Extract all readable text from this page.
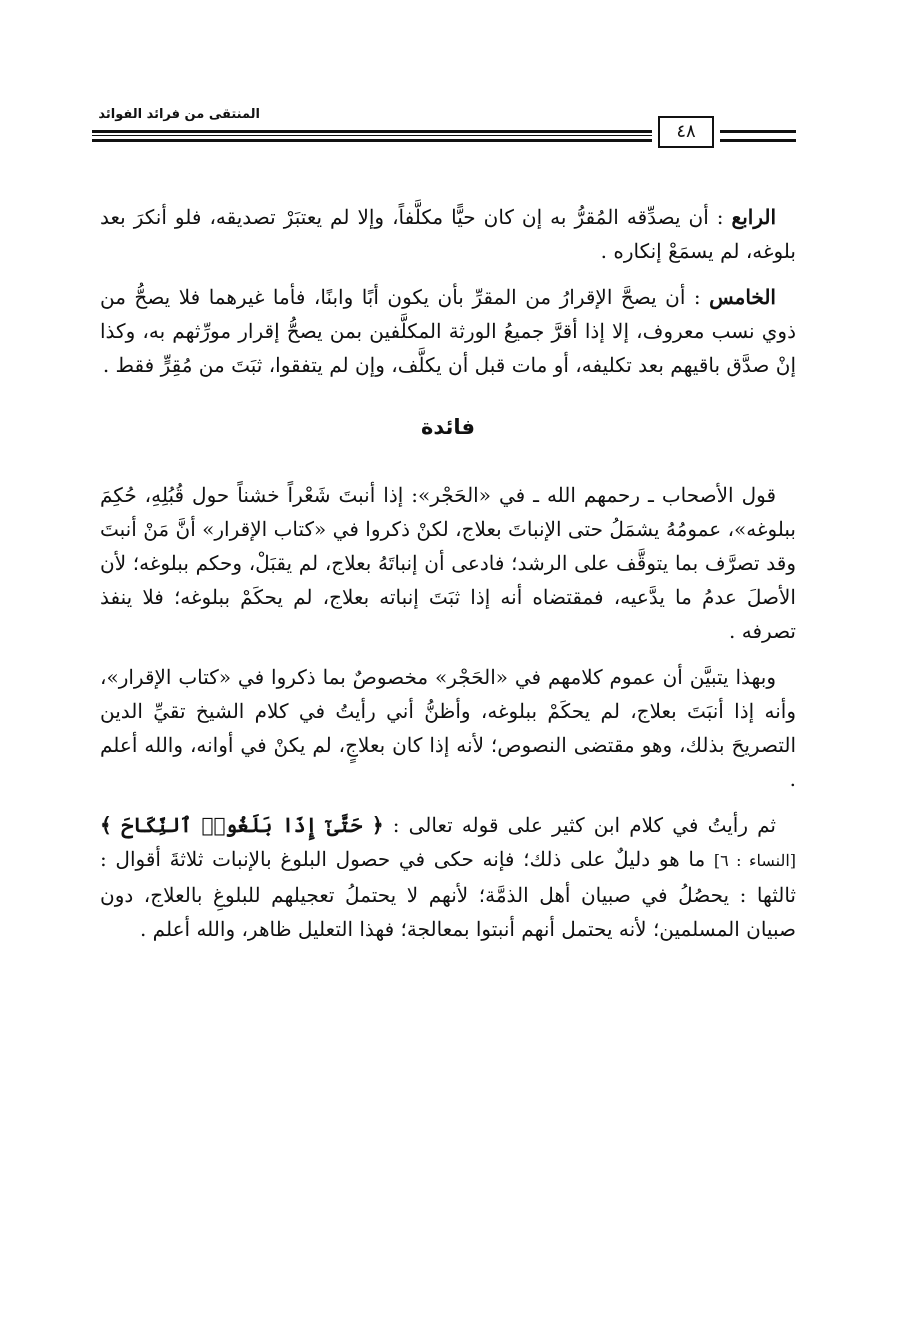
المنتقى من فرائد الفوائد
٤٨

الرابع : أن يصدِّقه المُقرُّ به إن كان حيًّا مكلَّفاً، وإلا لم يعتبَرْ تصديقه، فلو أنكرَ بعد بلوغه، لم يسمَعْ إنكاره .

الخامس : أن يصحَّ الإقرارُ من المقرِّ بأن يكون أبًا وابنًا، فأما غيرهما فلا يصحُّ من ذوي نسب معروف، إلا إذا أقرَّ جميعُ الورثة المكلَّفين بمن يصحُّ إقرار مورِّثهم به، وكذا إنْ صدَّق باقيهم بعد تكليفه، أو مات قبل أن يكلَّف، وإن لم يتفقوا، ثبَتَ من مُقِرٍّ فقط .

فائدة

قول الأصحاب ـ رحمهم الله ـ في «الحَجْر»: إذا أنبتَ شَعْراً خشناً حول قُبُلِهِ، حُكِمَ ببلوغه»، عمومُهُ يشمَلُ حتى الإنباتَ بعلاج، لكنْ ذكروا في «كتاب الإقرار» أنَّ مَنْ أنبتَ وقد تصرَّف بما يتوقَّف على الرشد؛ فادعى أن إنباتَهُ بعلاج، لم يقبَلْ، وحكم ببلوغه؛ لأن الأصلَ عدمُ ما يدَّعيه، فمقتضاه أنه إذا ثبَتَ إنباته بعلاج، لم يحكَمْ ببلوغه؛ فلا ينفذ تصرفه .

وبهذا يتبيَّن أن عموم كلامهم في «الحَجْر» مخصوصٌ بما ذكروا في «كتاب الإقرار»، وأنه إذا أنبَتَ بعلاج، لم يحكَمْ ببلوغه، وأظنُّ أني رأيتُ في كلام الشيخ تقيِّ الدين التصريحَ بذلك، وهو مقتضى النصوص؛ لأنه إذا كان بعلاجٍ، لم يكنْ في أوانه، والله أعلم .

ثم رأيتُ في كلام ابن كثير على قوله تعالى : ﴿ حَتَّىٰٓ إِذَا بَلَغُوا۟ ٱلنِّكَاحَ ﴾ [النساء : ٦] ما هو دليلٌ على ذلك؛ فإنه حكى في حصول البلوغ بالإنبات ثلاثةَ أقوال : ثالثها : يحصُلُ في صبيان أهل الذمَّة؛ لأنهم لا يحتملُ تعجيلهم للبلوغِ بالعلاج، دون صبيان المسلمين؛ لأنه يحتمل أنهم أنبتوا بمعالجة؛ فهذا التعليل ظاهر، والله أعلم .
